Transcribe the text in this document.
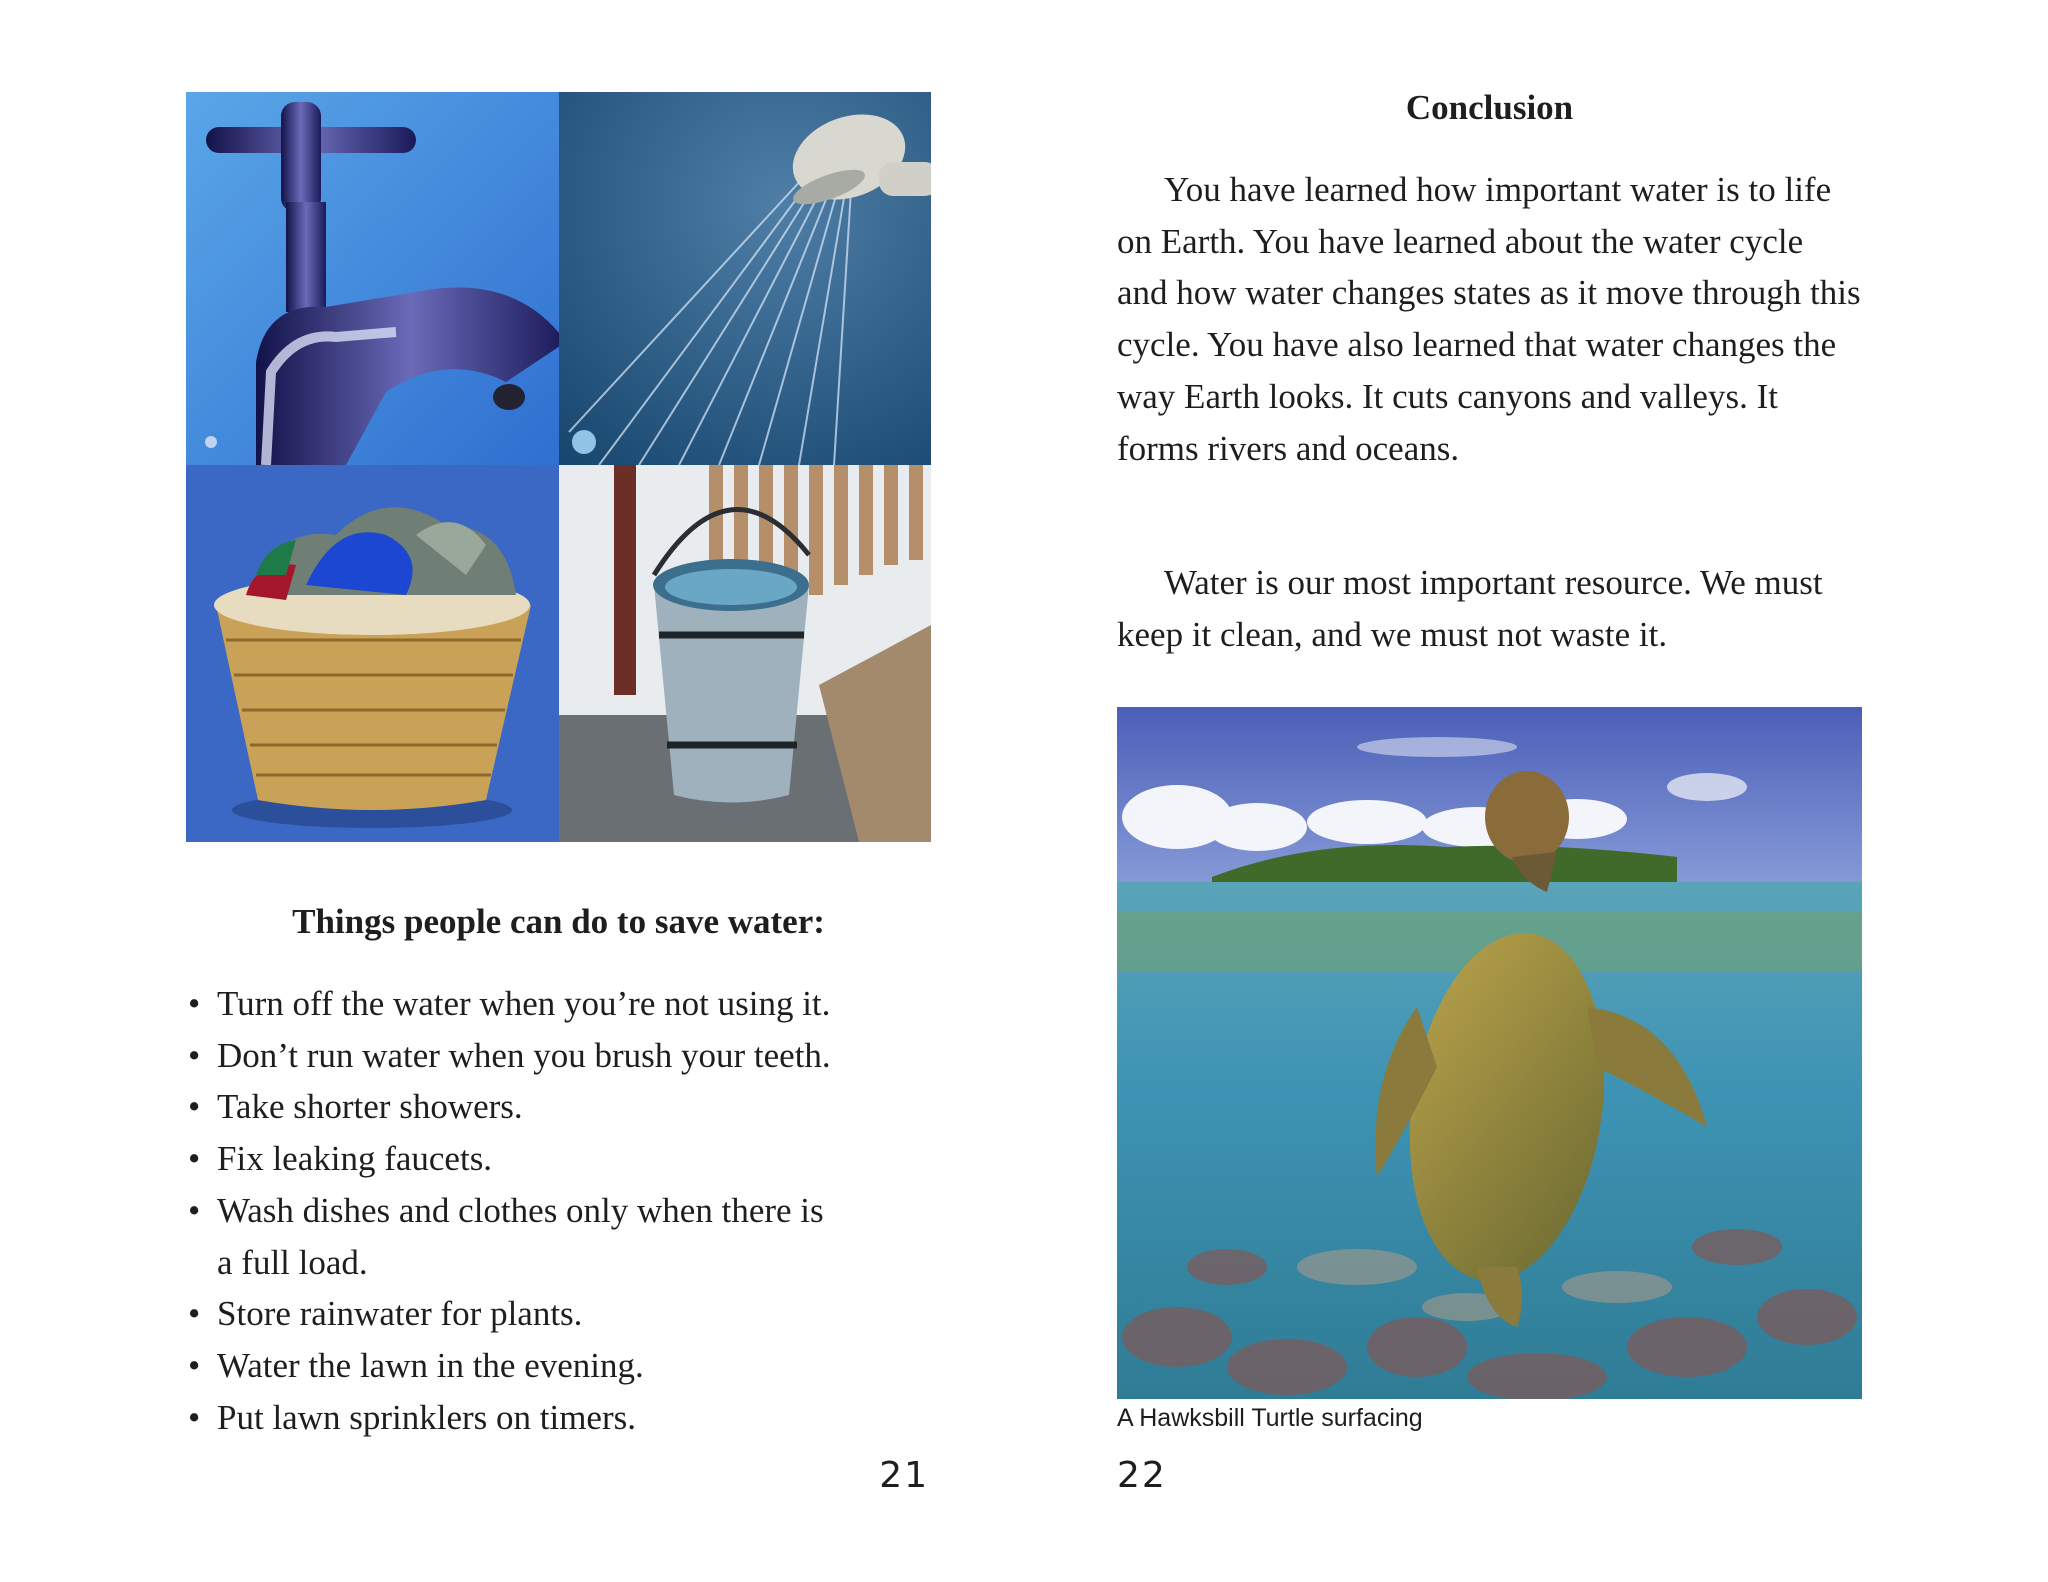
Things people can do to save water:
• Turn off the water when you’re not using it.
• Don’t run water when you brush your teeth.
• Take shorter showers.
• Fix leaking faucets.
• Wash dishes and clothes only when there is a full load.
• Store rainwater for plants.
• Water the lawn in the evening.
• Put lawn sprinklers on timers.
21
Conclusion

You have learned how important water is to life on Earth. You have learned about the water cycle and how water changes states as it move through this cycle. You have also learned that water changes the way Earth looks. It cuts canyons and valleys. It forms rivers and oceans.

Water is our most important resource. We must keep it clean, and we must not waste it.

A Hawksbill Turtle surfacing

22
